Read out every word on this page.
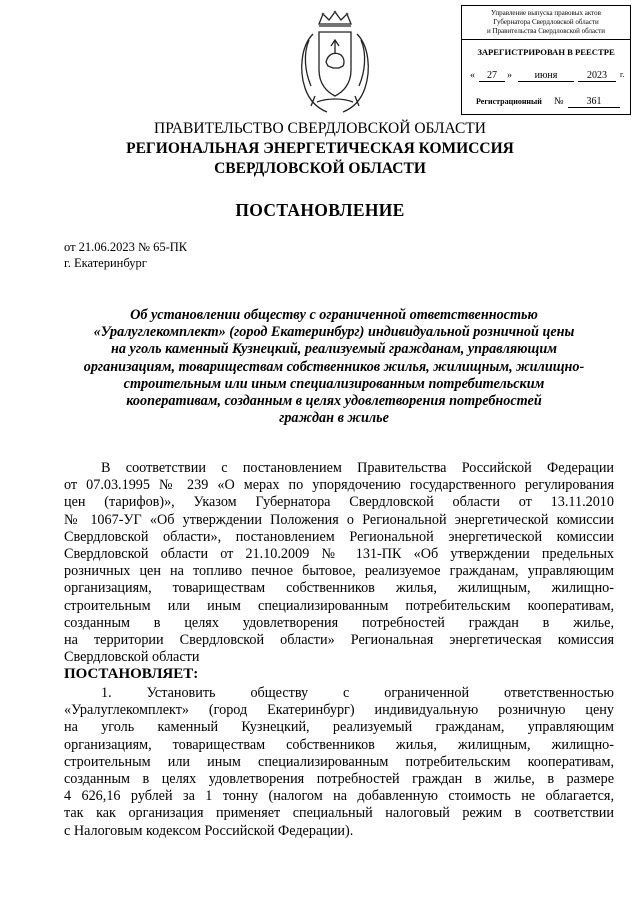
Управление выпуска правовых актов
Губернатора Свердловской области
и Правительства Свердловской области
ЗАРЕГИСТРИРОВАН В РЕЕСТРЕ
«	27	»	июня	2023	г.
Регистрационный №	361
ПРАВИТЕЛЬСТВО СВЕРДЛОВСКОЙ ОБЛАСТИ
РЕГИОНАЛЬНАЯ ЭНЕРГЕТИЧЕСКАЯ КОМИССИЯ
СВЕРДЛОВСКОЙ ОБЛАСТИ
ПОСТАНОВЛЕНИЕ
от 21.06.2023 № 65-ПК
г. Екатеринбург
Об установлении обществу с ограниченной ответственностью
«Уралуглекомплект» (город Екатеринбург) индивидуальной розничной цены
на уголь каменный Кузнецкий, реализуемый гражданам, управляющим
организациям, товариществам собственников жилья, жилищным, жилищно-
строительным или иным специализированным потребительским
кооперативам, созданным в целях удовлетворения потребностей
граждан в жилье
В соответствии с постановлением Правительства Российской Федерации
от 07.03.1995 № 239 «О мерах по упорядочению государственного регулирования
цен (тарифов)», Указом Губернатора Свердловской области от 13.11.2010
№ 1067-УГ «Об утверждении Положения о Региональной энергетической комиссии
Свердловской области», постановлением Региональной энергетической комиссии
Свердловской области от 21.10.2009 № 131-ПК «Об утверждении предельных
розничных цен на топливо печное бытовое, реализуемое гражданам, управляющим
организациям, товариществам собственников жилья, жилищным, жилищно-
строительным или иным специализированным потребительским кооперативам,
созданным в целях удовлетворения потребностей граждан в жилье,
на территории Свердловской области» Региональная энергетическая комиссия
Свердловской области
ПОСТАНОВЛЯЕТ:
1. Установить обществу с ограниченной ответственностью
«Уралуглекомплект» (город Екатеринбург) индивидуальную розничную цену
на уголь каменный Кузнецкий, реализуемый гражданам, управляющим
организациям, товариществам собственников жилья, жилищным, жилищно-
строительным или иным специализированным потребительским кооперативам,
созданным в целях удовлетворения потребностей граждан в жилье, в размере
4 626,16 рублей за 1 тонну (налогом на добавленную стоимость не облагается,
так как организация применяет специальный налоговый режим в соответствии
с Налоговым кодексом Российской Федерации).
